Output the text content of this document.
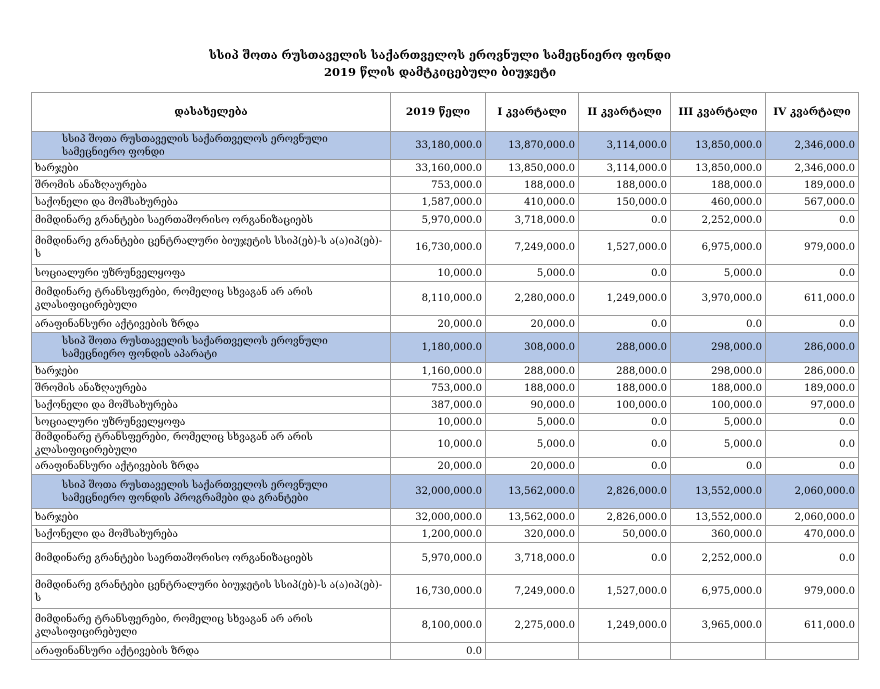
სსიპ შოთა რუსთაველის საქართველოს ეროვნული სამეცნიერო ფონდი
2019 წლის დამტკიცებული ბიუჯეტი
დასახელება	2019 წელი	I კვარტალი	II კვარტალი	III კვარტალი	IV კვარტალი
სსიპ შოთა რუსთაველის საქართველოს ეროვნული სამეცნიერო ფონდი	33,180,000.0	13,870,000.0	3,114,000.0	13,850,000.0	2,346,000.0
ხარჯები	33,160,000.0	13,850,000.0	3,114,000.0	13,850,000.0	2,346,000.0
შრომის ანაზღაურება	753,000.0	188,000.0	188,000.0	188,000.0	189,000.0
საქონელი და მომსახურება	1,587,000.0	410,000.0	150,000.0	460,000.0	567,000.0
მიმდინარე გრანტები საერთაშორისო ორგანიზაციებს	5,970,000.0	3,718,000.0	0.0	2,252,000.0	0.0
მიმდინარე გრანტები ცენტრალური ბიუჯეტის სსიპ(ებ)-ს ა(ა)იპ(ებ)-ს	16,730,000.0	7,249,000.0	1,527,000.0	6,975,000.0	979,000.0
სოციალური უზრუნველყოფა	10,000.0	5,000.0	0.0	5,000.0	0.0
მიმდინარე ტრანსფერები, რომელიც სხვაგან არ არის კლასიფიცირებული	8,110,000.0	2,280,000.0	1,249,000.0	3,970,000.0	611,000.0
არაფინანსური აქტივების ზრდა	20,000.0	20,000.0	0.0	0.0	0.0
სსიპ შოთა რუსთაველის საქართველოს ეროვნული სამეცნიერო ფონდის აპარატი	1,180,000.0	308,000.0	288,000.0	298,000.0	286,000.0
ხარჯები	1,160,000.0	288,000.0	288,000.0	298,000.0	286,000.0
შრომის ანაზღაურება	753,000.0	188,000.0	188,000.0	188,000.0	189,000.0
საქონელი და მომსახურება	387,000.0	90,000.0	100,000.0	100,000.0	97,000.0
სოციალური უზრუნველყოფა	10,000.0	5,000.0	0.0	5,000.0	0.0
მიმდინარე ტრანსფერები, რომელიც სხვაგან არ არის კლასიფიცირებული	10,000.0	5,000.0	0.0	5,000.0	0.0
არაფინანსური აქტივების ზრდა	20,000.0	20,000.0	0.0	0.0	0.0
სსიპ შოთა რუსთაველის საქართველოს ეროვნული სამეცნიერო ფონდის პროგრამები და გრანტები	32,000,000.0	13,562,000.0	2,826,000.0	13,552,000.0	2,060,000.0
ხარჯები	32,000,000.0	13,562,000.0	2,826,000.0	13,552,000.0	2,060,000.0
საქონელი და მომსახურება	1,200,000.0	320,000.0	50,000.0	360,000.0	470,000.0
მიმდინარე გრანტები საერთაშორისო ორგანიზაციებს	5,970,000.0	3,718,000.0	0.0	2,252,000.0	0.0
მიმდინარე გრანტები ცენტრალური ბიუჯეტის სსიპ(ებ)-ს ა(ა)იპ(ებ)-ს	16,730,000.0	7,249,000.0	1,527,000.0	6,975,000.0	979,000.0
მიმდინარე ტრანსფერები, რომელიც სხვაგან არ არის კლასიფიცირებული	8,100,000.0	2,275,000.0	1,249,000.0	3,965,000.0	611,000.0
არაფინანსური აქტივების ზრდა	0.0				
